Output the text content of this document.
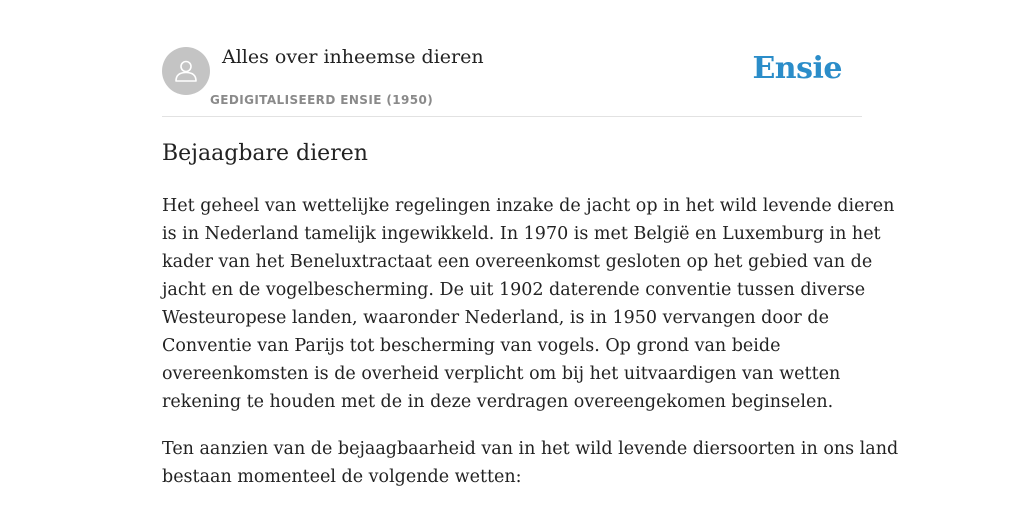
Alles over inheemse dieren
GEDIGITALISEERD ENSIE (1950)
Ensie
Bejaagbare dieren

Het geheel van wettelijke regelingen inzake de jacht op in het wild levende dieren
is in Nederland tamelijk ingewikkeld. In 1970 is met België en Luxemburg in het
kader van het Beneluxtractaat een overeenkomst gesloten op het gebied van de
jacht en de vogelbescherming. De uit 1902 daterende conventie tussen diverse
Westeuropese landen, waaronder Nederland, is in 1950 vervangen door de
Conventie van Parijs tot bescherming van vogels. Op grond van beide
overeenkomsten is de overheid verplicht om bij het uitvaardigen van wetten
rekening te houden met de in deze verdragen overeengekomen beginselen.

Ten aanzien van de bejaagbaarheid van in het wild levende diersoorten in ons land
bestaan momenteel de volgende wetten:
